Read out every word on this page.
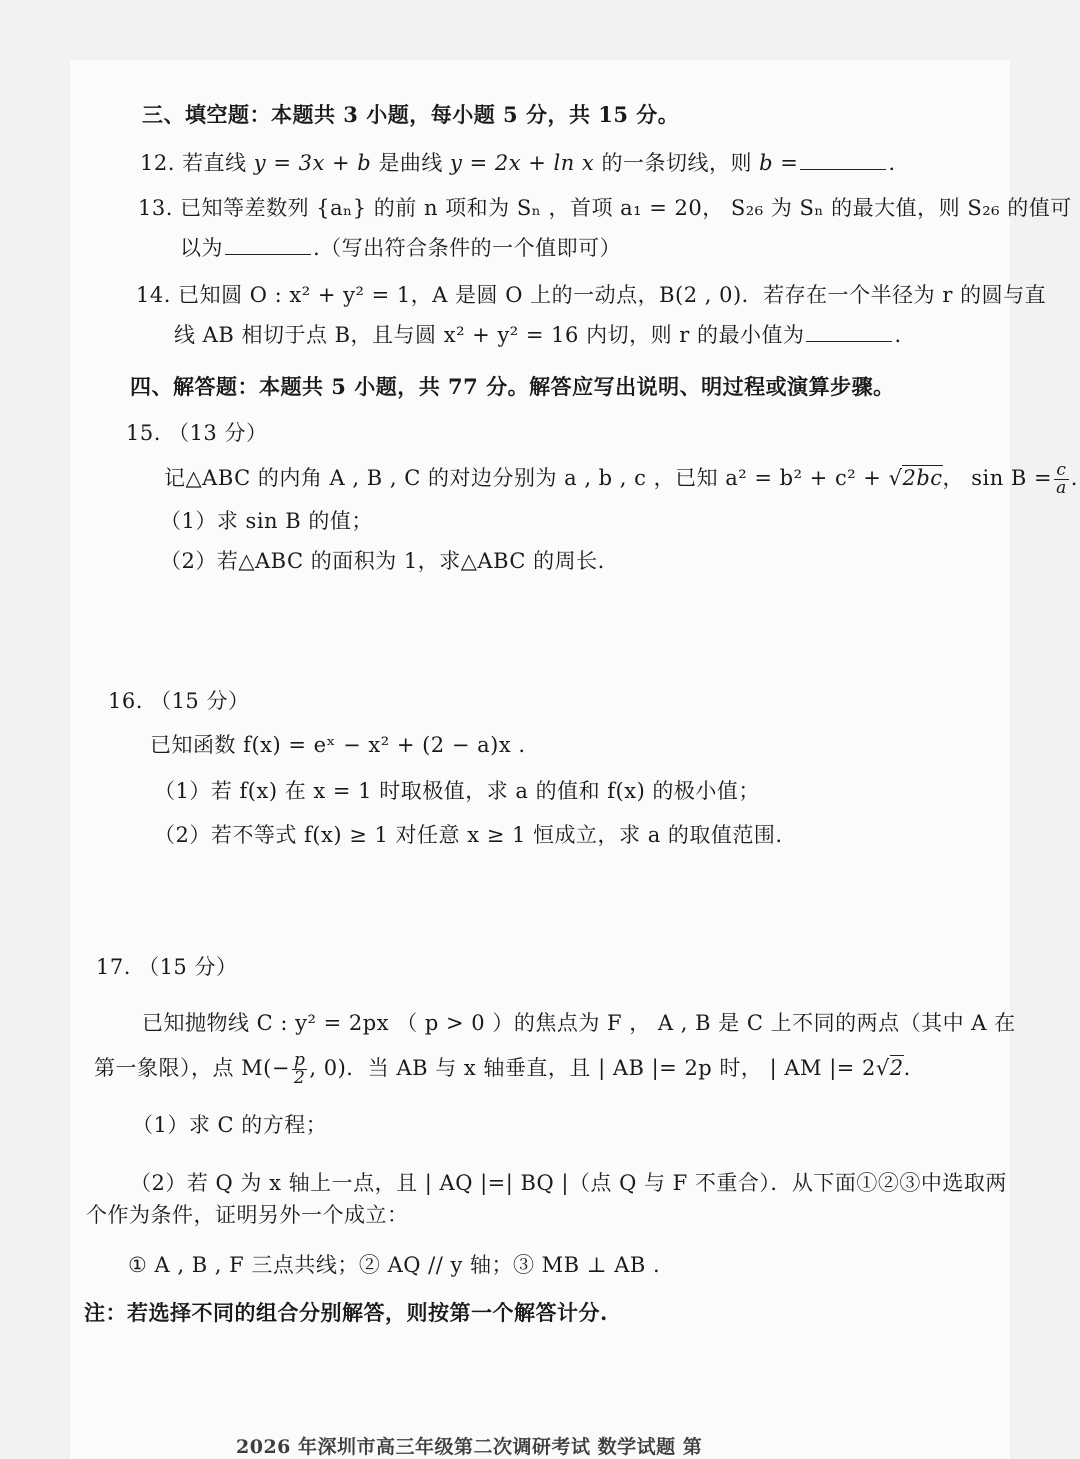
三、填空题：本题共 3 小题，每小题 5 分，共 15 分。
12. 若直线 y = 3x + b 是曲线 y = 2x + ln x 的一条切线，则 b =	.
13. 已知等差数列 {aₙ} 的前 n 项和为 Sₙ ，首项 a₁ = 20， S₂₆ 为 Sₙ 的最大值，则 S₂₆ 的值可
以为	.（写出符合条件的一个值即可）
14. 已知圆 O : x² + y² = 1，A 是圆 O 上的一动点，B(2 , 0)．若存在一个半径为 r 的圆与直
线 AB 相切于点 B，且与圆 x² + y² = 16 内切，则 r 的最小值为	.
四、解答题：本题共 5 小题，共 77 分。解答应写出说明、明过程或演算步骤。
15. （13 分）
记△ABC 的内角 A , B , C 的对边分别为 a , b , c ，已知 a² = b² + c² + √2bc， $\sin B = \frac{c}{a}$ .
（1）求 sin B 的值；
（2）若△ABC 的面积为 1，求△ABC 的周长.
16. （15 分）
已知函数 f(x) = eˣ − x² + (2 − a)x .
（1）若 f(x) 在 x = 1 时取极值，求 a 的值和 f(x) 的极小值；
（2）若不等式 f(x) ≥ 1 对任意 x ≥ 1 恒成立，求 a 的取值范围.
17. （15 分）
已知抛物线 C : y² = 2px （ p > 0 ）的焦点为 F ， A , B 是 C 上不同的两点（其中 A 在
第一象限），点 $M(- \frac{p}{2}$ , 0)．当 AB 与 x 轴垂直，且 | AB |= 2p 时， | AM |= 2√2.
（1）求 C 的方程；
（2）若 Q 为 x 轴上一点，且 | AQ |=| BQ |（点 Q 与 F 不重合）．从下面①②③中选取两
个作为条件，证明另外一个成立：
① A , B , F 三点共线；② AQ // y 轴；③ MB ⊥ AB .
注：若选择不同的组合分别解答，则按第一个解答计分.
2026 年深圳市高三年级第二次调研考试 数学试题 第
